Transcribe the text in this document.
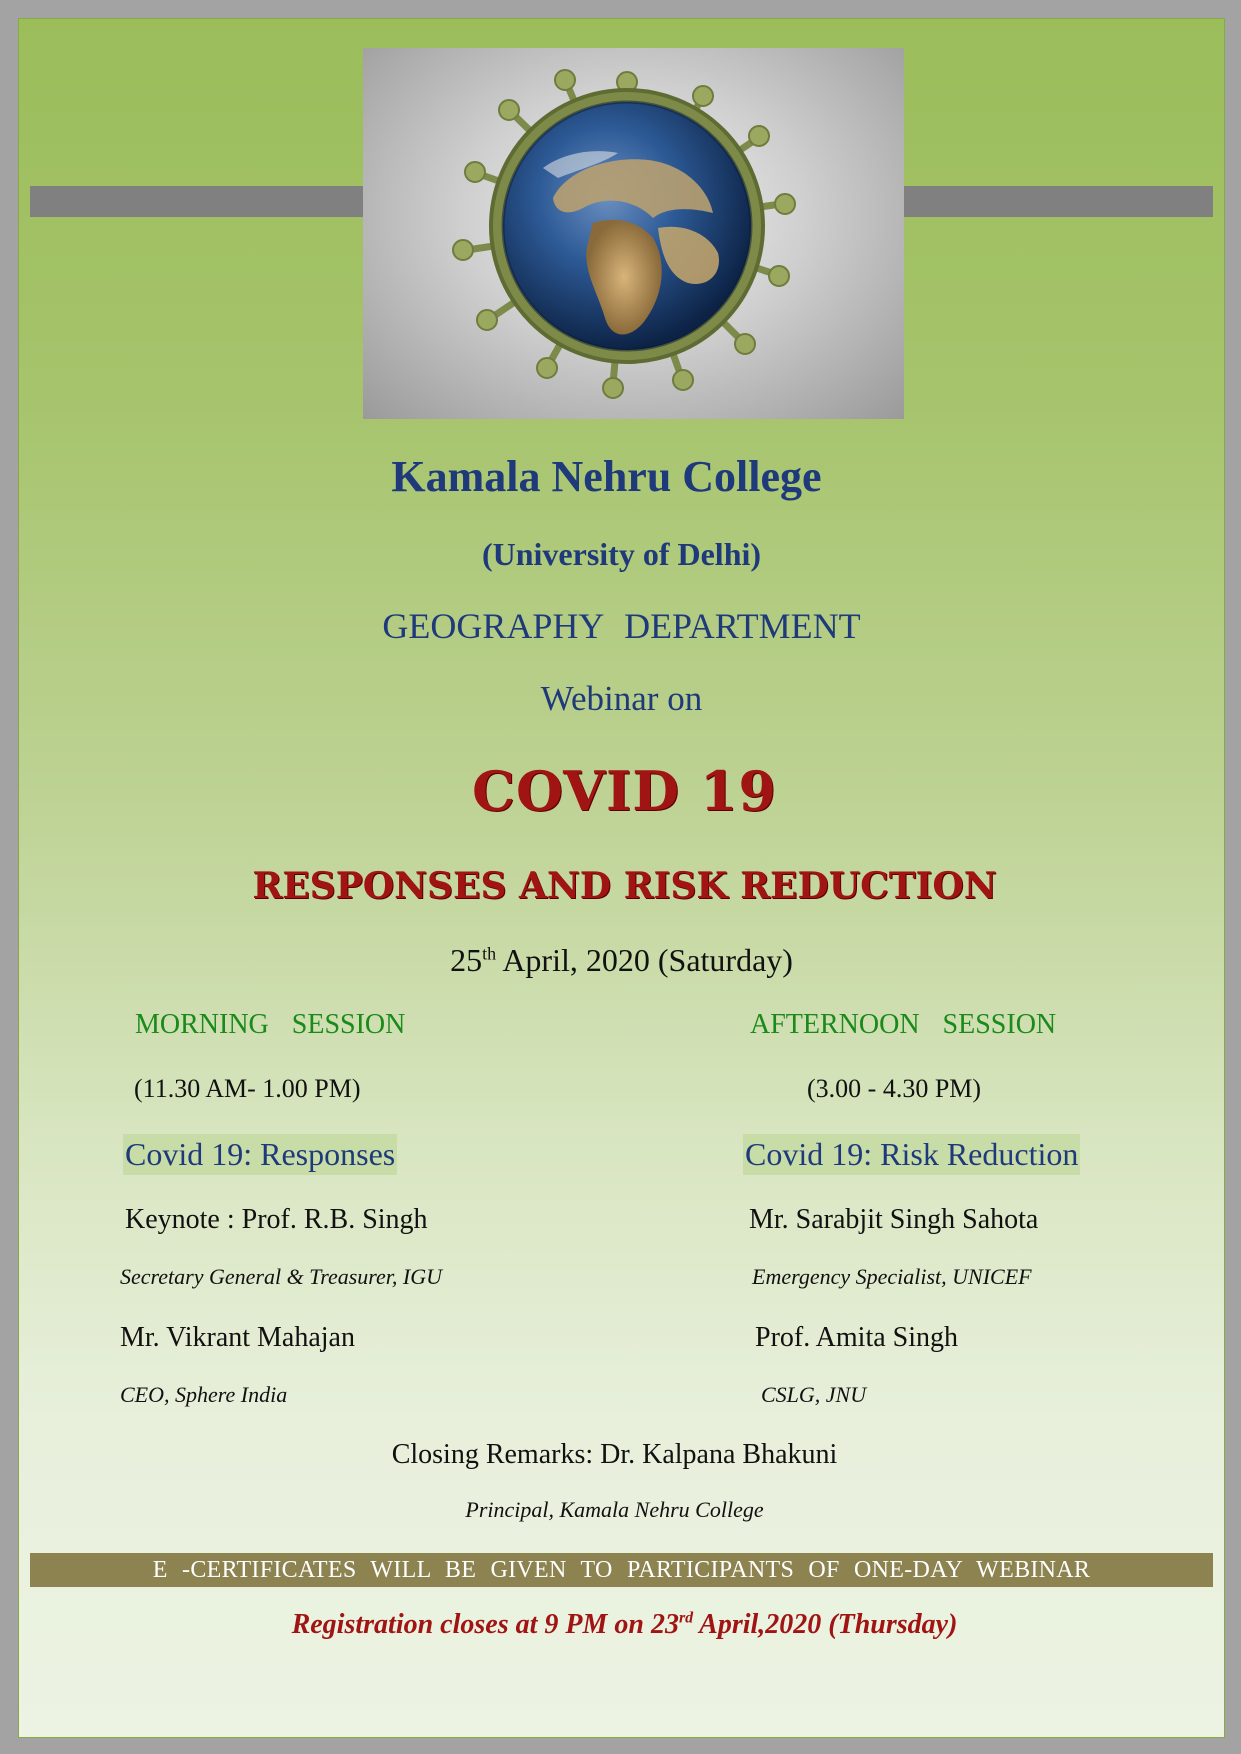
Kamala Nehru College
(University of Delhi)
GEOGRAPHY DEPARTMENT
Webinar on
COVID 19
RESPONSES AND RISK REDUCTION
25th April, 2020 (Saturday)
MORNING SESSION
(11.30 AM- 1.00 PM)
Covid 19: Responses
Keynote : Prof. R.B. Singh
Secretary General & Treasurer, IGU
Mr. Vikrant Mahajan
CEO, Sphere India
AFTERNOON SESSION
(3.00 - 4.30 PM)
Covid 19: Risk Reduction
Mr. Sarabjit Singh Sahota
Emergency Specialist, UNICEF
Prof. Amita Singh
CSLG, JNU
Closing Remarks: Dr. Kalpana Bhakuni
Principal, Kamala Nehru College
E -CERTIFICATES WILL BE GIVEN TO PARTICIPANTS OF ONE-DAY WEBINAR
Registration closes at 9 PM on 23rd April,2020 (Thursday)
